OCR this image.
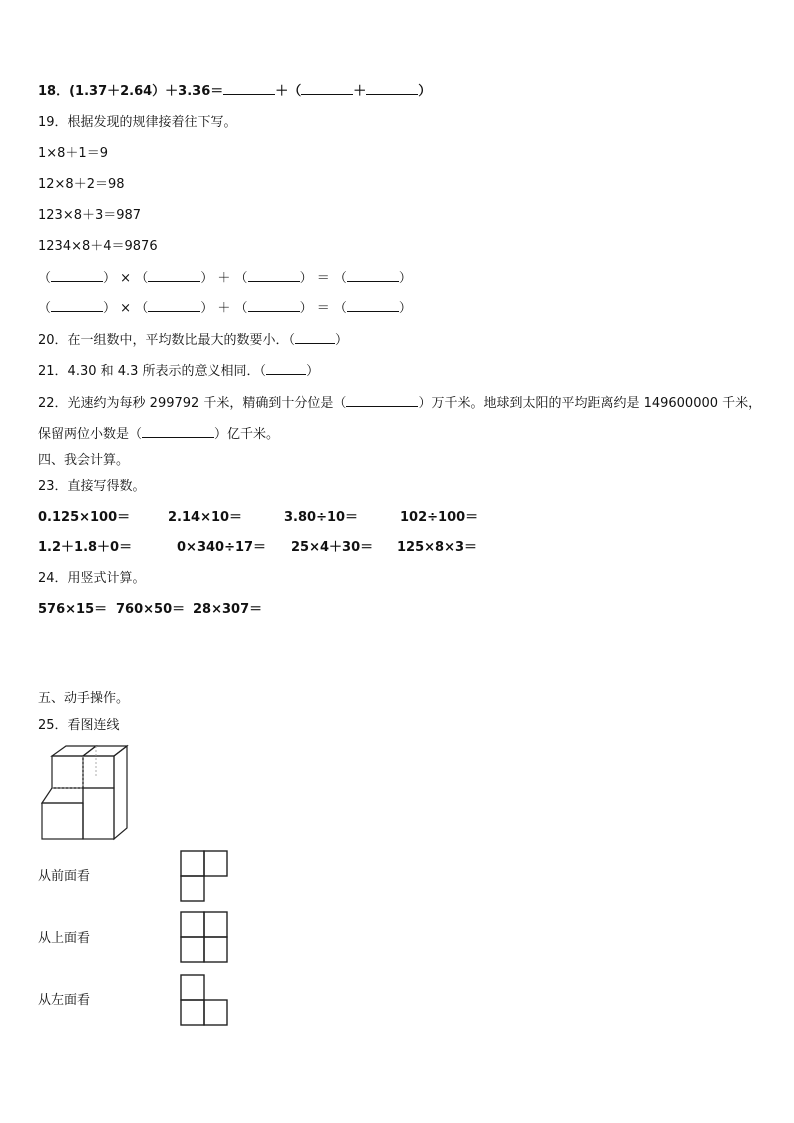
18．(1.37＋2.64）＋3.36＝	＋（	＋	）
19．根据发现的规律接着往下写。
1×8＋1＝9
12×8＋2＝98
123×8＋3＝987
1234×8＋4＝9876
（	） × （	） ＋ （	） ＝ （	）
（	） × （	） ＋ （	） ＝ （	）
20．在一组数中，平均数比最大的数要小．（	）
21．4.30 和 4.3 所表示的意义相同．（	）
22．光速约为每秒 299792 千米，精确到十分位是（	）万千米。地球到太阳的平均距离约是 149600000 千米，
保留两位小数是（	）亿千米。
四、我会计算。
23．直接写得数。
0.125×100＝	2.14×10＝	3.80÷10＝	102÷100＝
1.2＋1.8＋0＝	0×340÷17＝ 25×4＋30＝ 125×8×3＝
24．用竖式计算。
576×15＝ 760×50＝ 28×307＝
五、动手操作。
25．看图连线
从前面看
从上面看
从左面看
